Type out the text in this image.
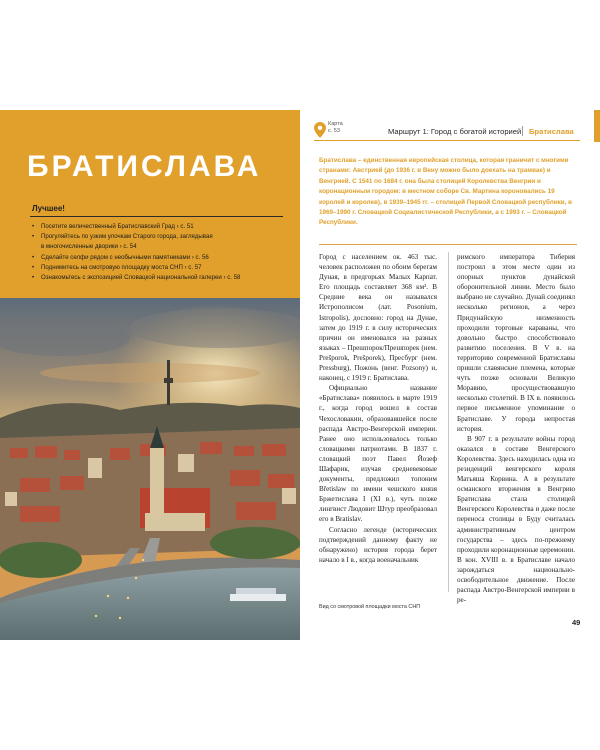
БРАТИСЛАВА
Лучшее!
• Посетите величественный Братиславский Град › с. 51
• Прогуляйтесь по узким улочкам Старого города, заглядывая
в многочисленные дворики › с. 54
• Сделайте селфи рядом с необычными памятниками › с. 56
• Поднимитесь на смотровую площадку моста СНП › с. 57
• Ознакомьтесь с экспозицией Словацкой национальной галереи › с. 58
Карта
с. 53	Маршрут 1: Город с богатой историей Братислава
Братислава – единственная европейская столица, которая граничит с многими странами: Австрией (до 1936 г. в Вену можно было доехать на трамвае) и Венгрией. С 1541 по 1684 г. она была столицей Королевства Венгрии и коронационным городом: в местном соборе Св. Мартина короновались 19 королей и королев), в 1939–1945 гг. – столицей Первой Словацкой республики, в 1969–1990 г. Словацкой Социалистической Республики, а с 1993 г. – Словацкой Республики.

Город с населением ок. 463 тыс. человек расположен по обоим берегам Дуная, в предгорьях Малых Карпат. Его площадь составляет 368 км². В Средние века он назывался Истрополисом (лат. Posonium, Istropolis), дословно: город на Дунае, затем до 1919 г. в силу исторических причин он именовался на разных языках – Прешпорок/Прешпорек (нем. Prešporok, Prešporek), Пресбург (нем. Pressburg), Пожонь (венг. Pozsony) и, наконец, с 1919 г. Братислава.

Официально название «Братислава» появилось в марте 1919 г., когда город вошел в состав Чехословакии, образовавшейся после распада Австро-Венгерской империи. Ранее оно использовалось только словацкими патриотами. В 1837 г. словацкий поэт Павел Йозеф Шафарик, изучая средневековые документы, предложил топоним Břetislaw по имени чешского князя Бржетислава I (XI в.), чуть позже лингвист Людовит Штур преобразовал его в Bratislav.

Согласно легенде (исторических подтверждений данному факту не обнаружено) история города берет начало в I в., когда военачальник

римского императора Тиберия построил в этом месте один из опорных пунктов дунайской оборонительной линии. Место было выбрано не случайно. Дунай соединял несколько регионов, а через Придунайскую низменность проходили торговые караваны, что довольно быстро способствовало развитию поселения. В V в. на территорию современной Братиславы пришли славянские племена, которые чуть позже основали Великую Моравию, просуществовавшую несколько столетий. В IX в. появилось первое письменное упоминание о Братиславе. У города непростая история.

В 907 г. в результате войны город оказался в составе Венгерского Королевства. Здесь находилась одна из резиденций венгерского короля Матьяша Корвина. А в результате османского вторжения в Венгрию Братислава стала столицей Венгерского Королевства и даже после переноса столицы в Буду считалась административным центром государства – здесь по-прежнему проходили коронационные церемонии. В кон. XVIII в. в Братиславе начало зарождаться национально-освободительное движение. После распада Австро-Венгерской империи в ре-

Вид со смотровой площадки моста СНП
49
